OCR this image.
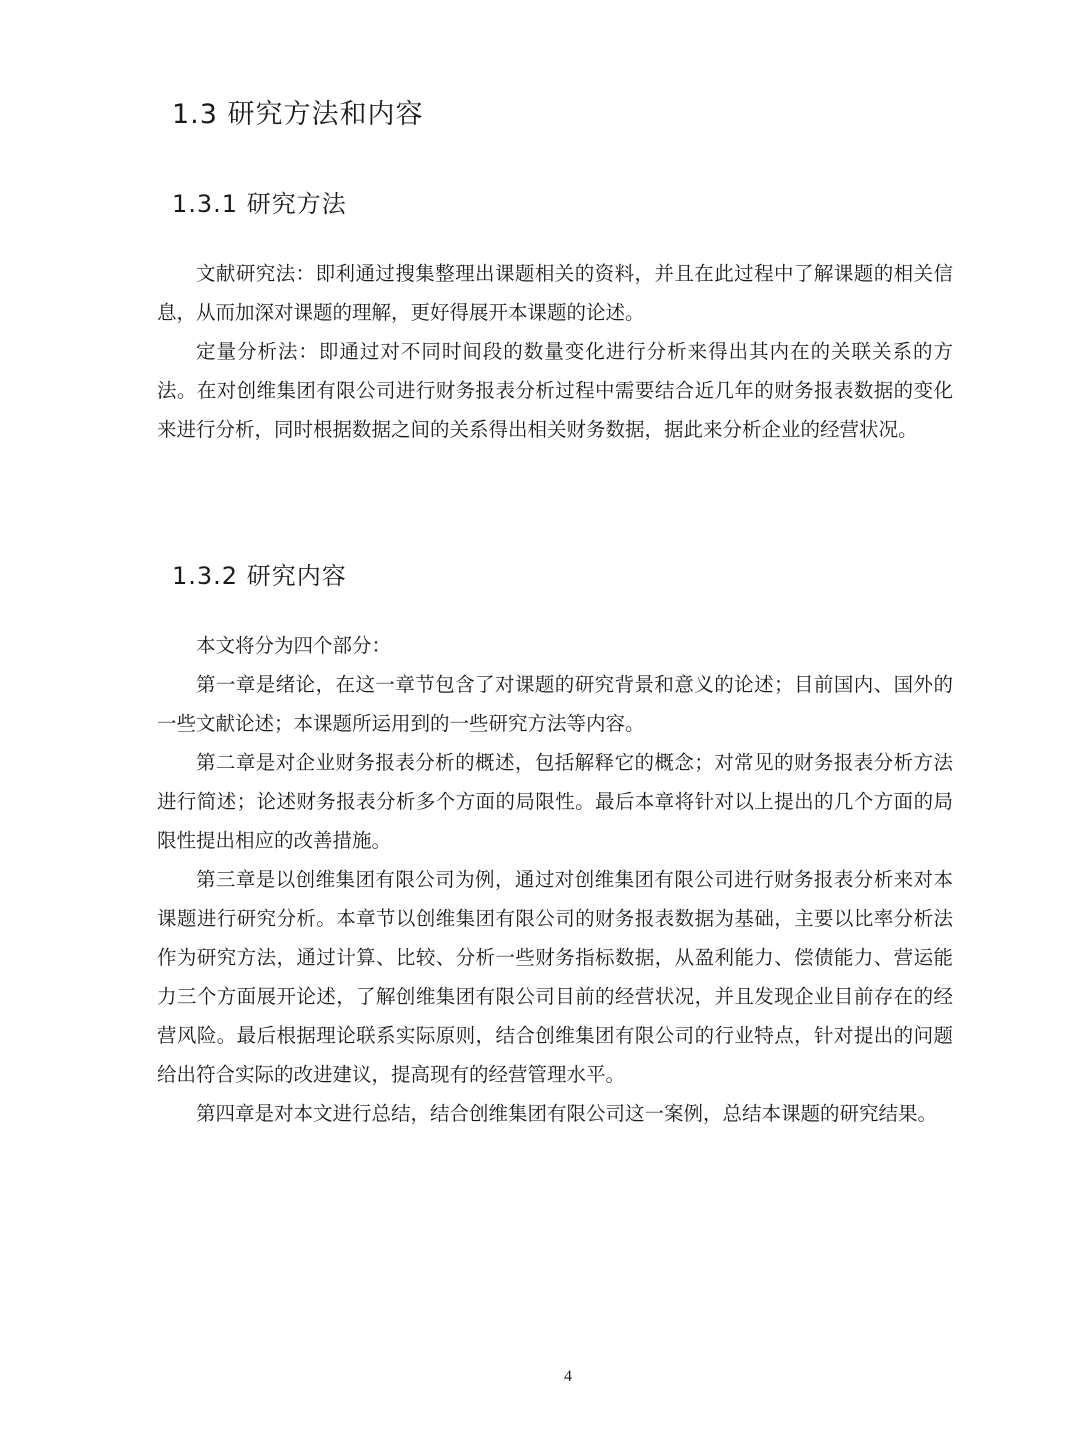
1.3 研究方法和内容
1.3.1 研究方法

文献研究法：即利通过搜集整理出课题相关的资料，并且在此过程中了解课题的相关信息，从而加深对课题的理解，更好得展开本课题的论述。

定量分析法：即通过对不同时间段的数量变化进行分析来得出其内在的关联关系的方法。在对创维集团有限公司进行财务报表分析过程中需要结合近几年的财务报表数据的变化来进行分析，同时根据数据之间的关系得出相关财务数据，据此来分析企业的经营状况。

1.3.2 研究内容

本文将分为四个部分：

第一章是绪论，在这一章节包含了对课题的研究背景和意义的论述；目前国内、国外的一些文献论述；本课题所运用到的一些研究方法等内容。

第二章是对企业财务报表分析的概述，包括解释它的概念；对常见的财务报表分析方法进行简述；论述财务报表分析多个方面的局限性。最后本章将针对以上提出的几个方面的局限性提出相应的改善措施。

第三章是以创维集团有限公司为例，通过对创维集团有限公司进行财务报表分析来对本课题进行研究分析。本章节以创维集团有限公司的财务报表数据为基础，主要以比率分析法作为研究方法，通过计算、比较、分析一些财务指标数据，从盈利能力、偿债能力、营运能力三个方面展开论述，了解创维集团有限公司目前的经营状况，并且发现企业目前存在的经营风险。最后根据理论联系实际原则，结合创维集团有限公司的行业特点，针对提出的问题给出符合实际的改进建议，提高现有的经营管理水平。

第四章是对本文进行总结，结合创维集团有限公司这一案例，总结本课题的研究结果。

4
